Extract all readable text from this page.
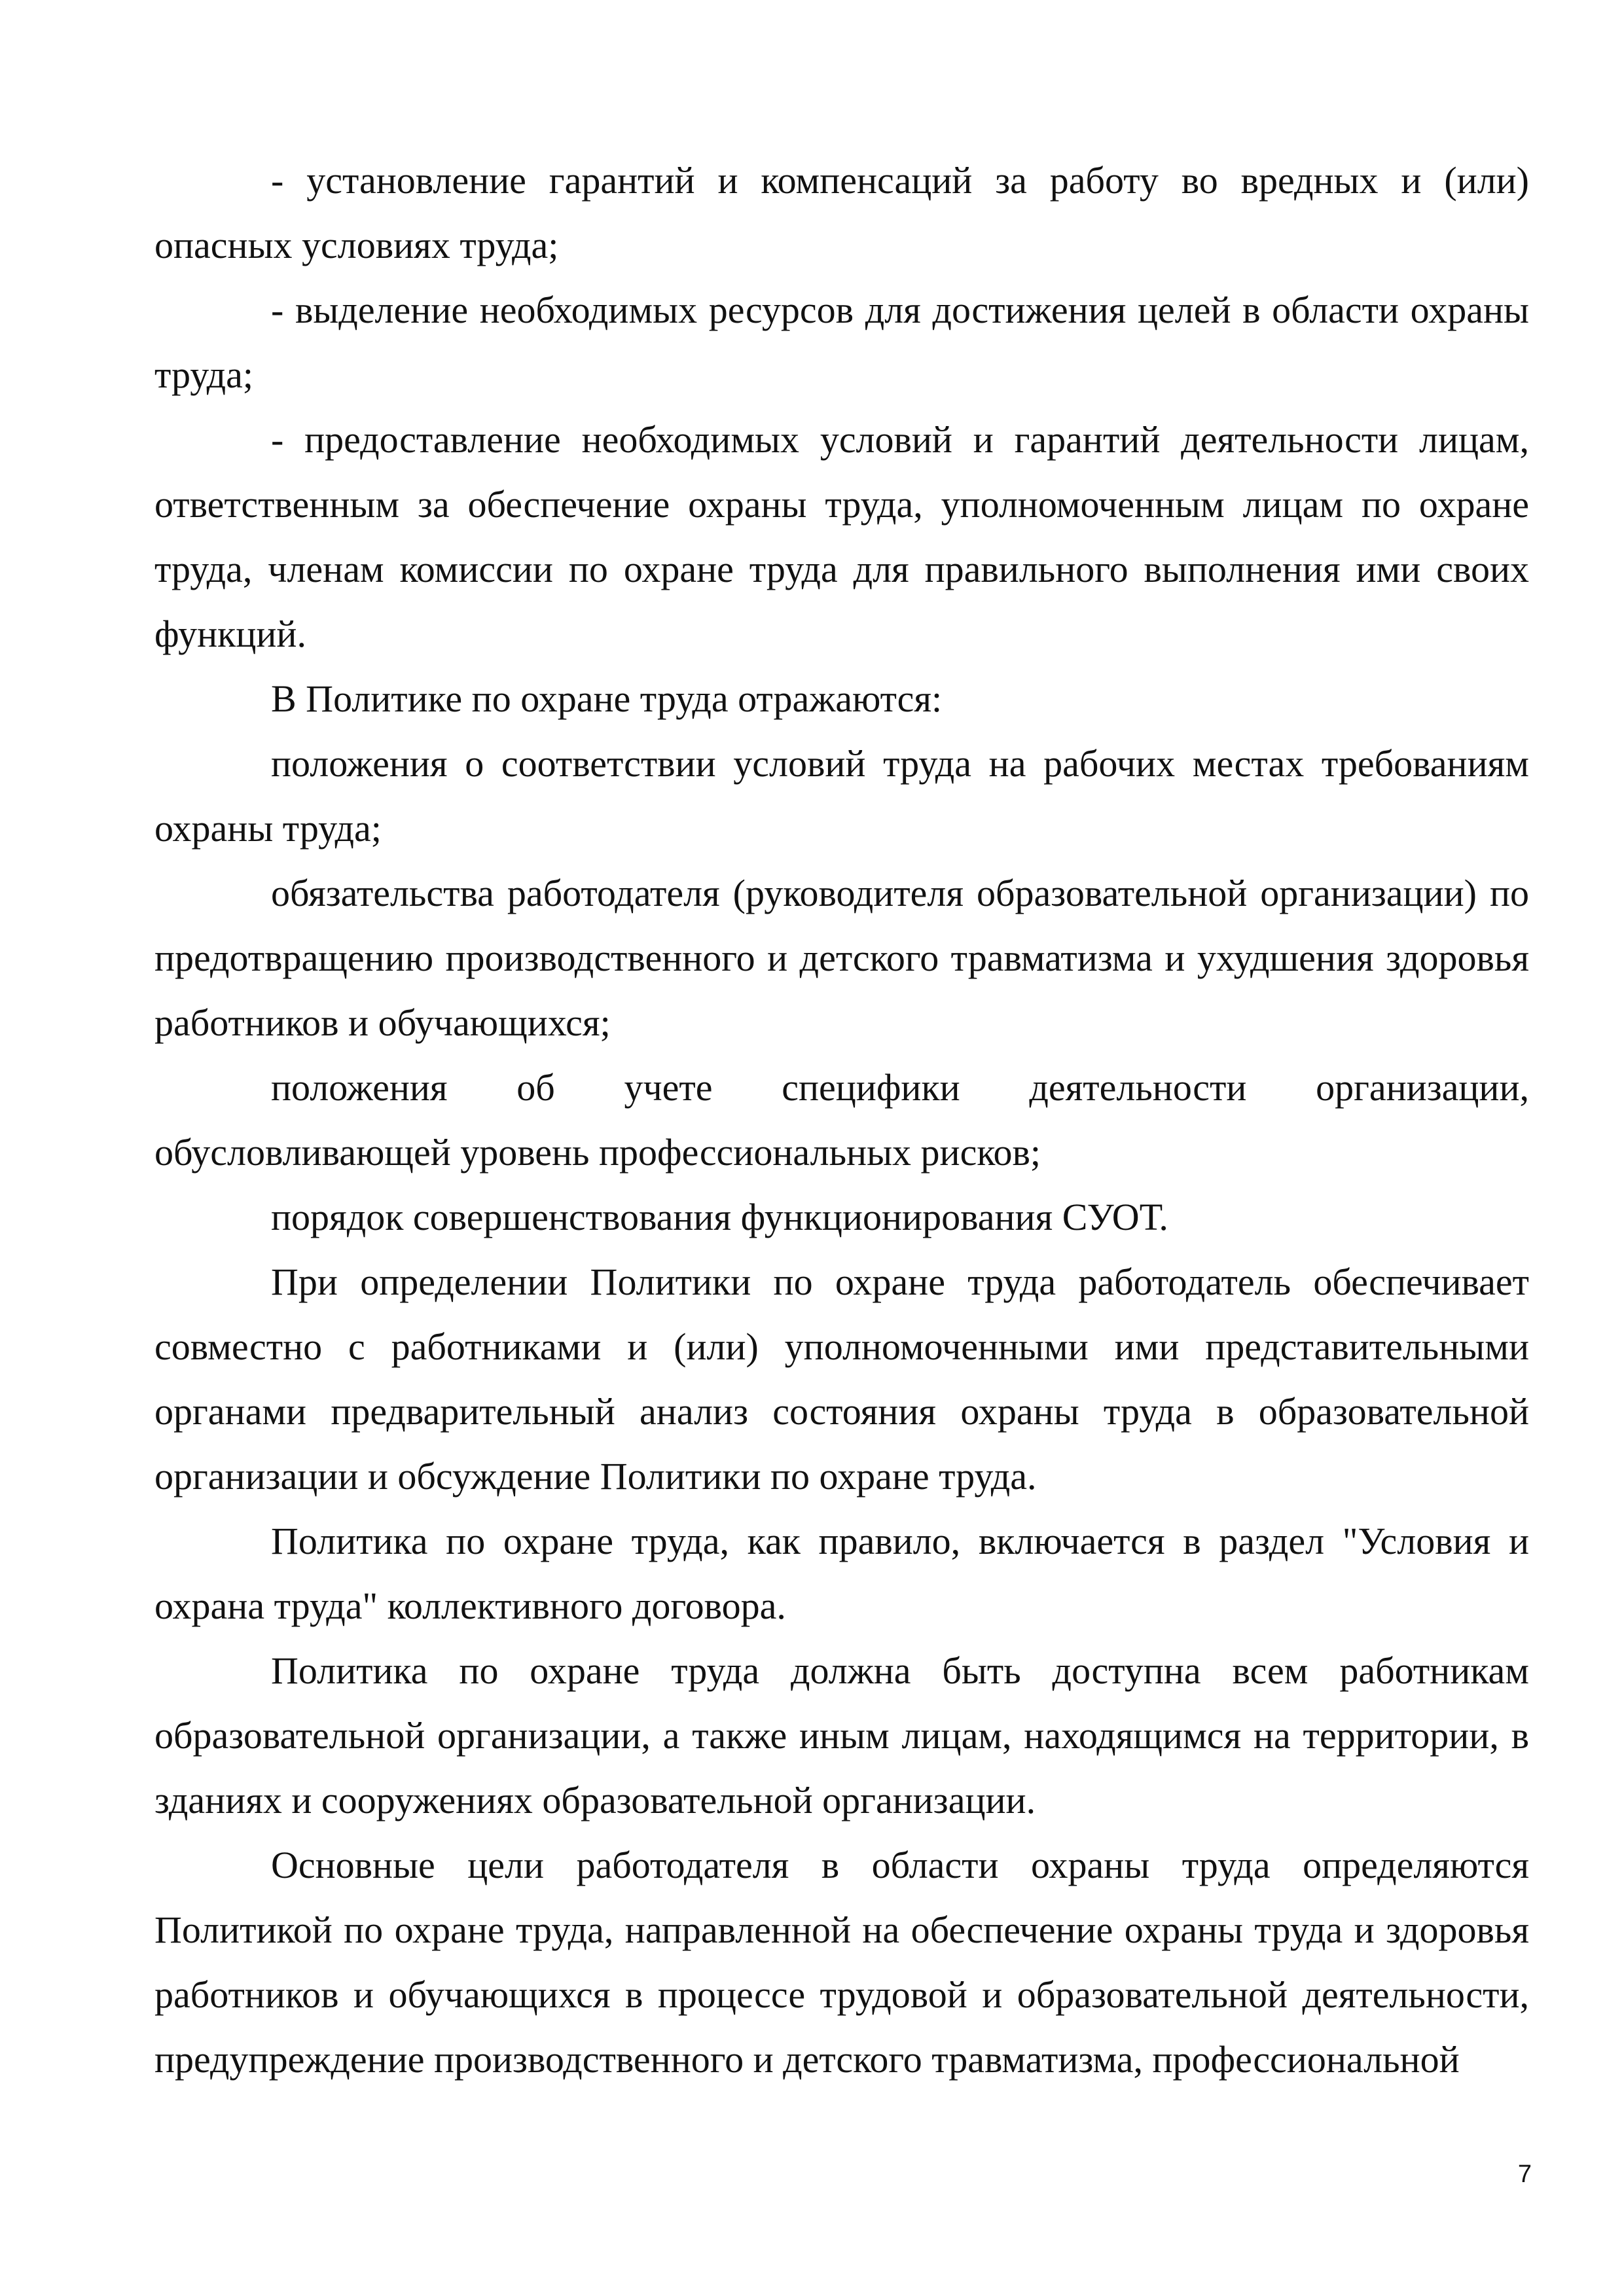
- установление гарантий и компенсаций за работу во вредных и (или) опасных условиях труда;

- выделение необходимых ресурсов для достижения целей в области охраны труда;

- предоставление необходимых условий и гарантий деятельности лицам, ответственным за обеспечение охраны труда, уполномоченным лицам по охране труда, членам комиссии по охране труда для правильного выполнения ими своих функций.

В Политике по охране труда отражаются:

положения о соответствии условий труда на рабочих местах требованиям охраны труда;

обязательства работодателя (руководителя образовательной организации) по предотвращению производственного и детского травматизма и ухудшения здоровья работников и обучающихся;

положения об учете специфики деятельности организации, обусловливающей уровень профессиональных рисков;

порядок совершенствования функционирования СУОТ.

При определении Политики по охране труда работодатель обеспечивает совместно с работниками и (или) уполномоченными ими представительными органами предварительный анализ состояния охраны труда в образовательной организации и обсуждение Политики по охране труда.

Политика по охране труда, как правило, включается в раздел "Условия и охрана труда" коллективного договора.

Политика по охране труда должна быть доступна всем работникам образовательной организации, а также иным лицам, находящимся на территории, в зданиях и сооружениях образовательной организации.

Основные цели работодателя в области охраны труда определяются Политикой по охране труда, направленной на обеспечение охраны труда и здоровья работников и обучающихся в процессе трудовой и образовательной деятельности, предупреждение производственного и детского травматизма, профессиональной

7
